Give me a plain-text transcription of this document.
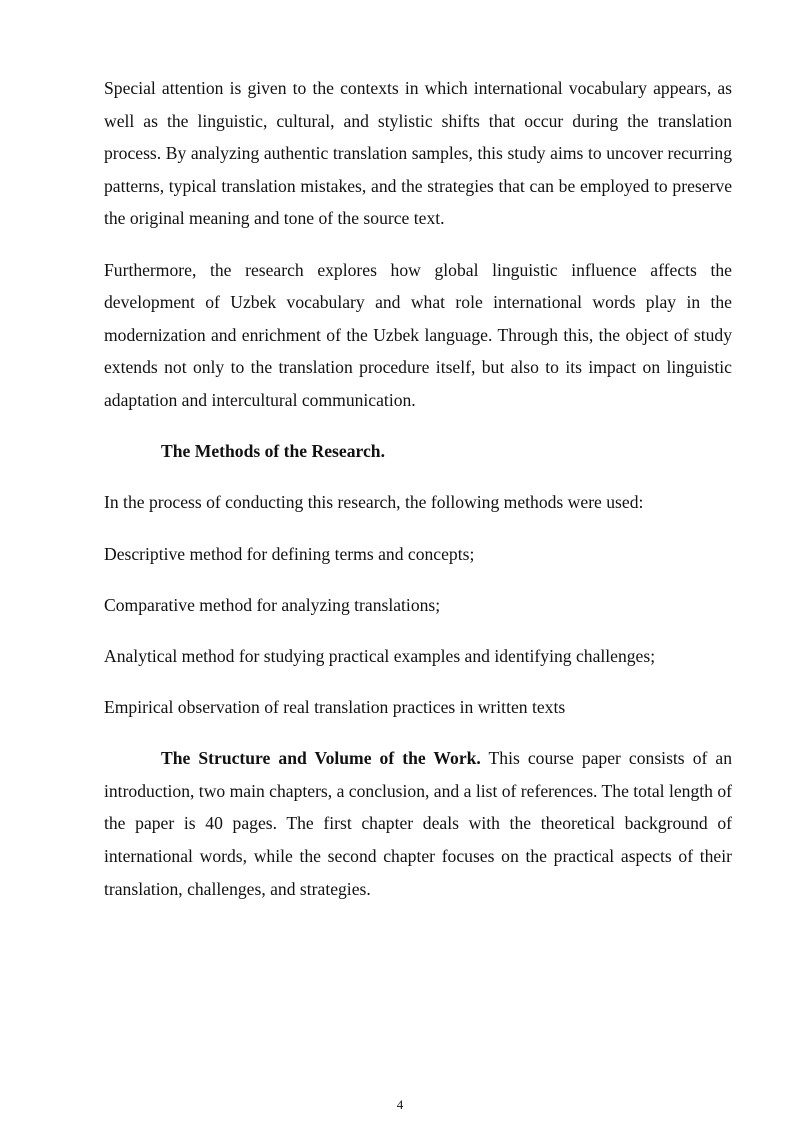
Special attention is given to the contexts in which international vocabulary appears, as well as the linguistic, cultural, and stylistic shifts that occur during the translation process. By analyzing authentic translation samples, this study aims to uncover recurring patterns, typical translation mistakes, and the strategies that can be employed to preserve the original meaning and tone of the source text.

Furthermore, the research explores how global linguistic influence affects the development of Uzbek vocabulary and what role international words play in the modernization and enrichment of the Uzbek language. Through this, the object of study extends not only to the translation procedure itself, but also to its impact on linguistic adaptation and intercultural communication.

The Methods of the Research.

In the process of conducting this research, the following methods were used:

Descriptive method for defining terms and concepts;

Comparative method for analyzing translations;

Analytical method for studying practical examples and identifying challenges;

Empirical observation of real translation practices in written texts

The Structure and Volume of the Work. This course paper consists of an introduction, two main chapters, a conclusion, and a list of references. The total length of the paper is 40 pages. The first chapter deals with the theoretical background of international words, while the second chapter focuses on the practical aspects of their translation, challenges, and strategies.

4
